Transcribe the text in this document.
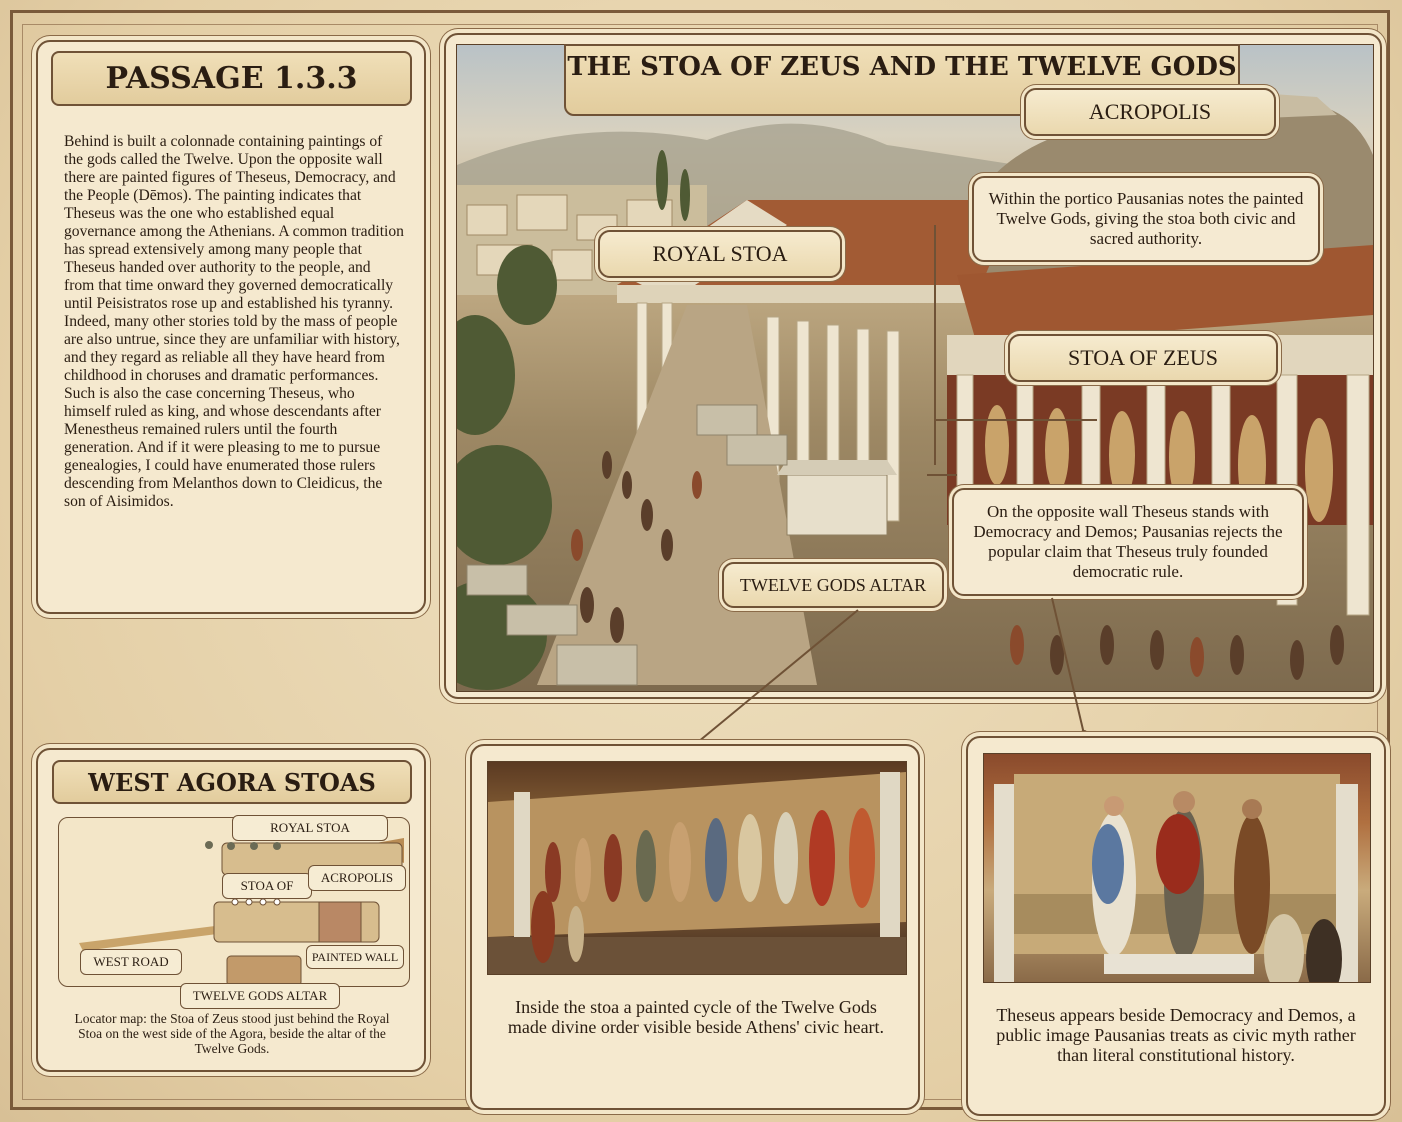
PASSAGE 1.3.3
Behind is built a colonnade containing paintings of the gods called the Twelve. Upon the opposite wall there are painted figures of Theseus, Democracy, and the People (Dēmos). The painting indicates that Theseus was the one who established equal governance among the Athenians. A common tradition has spread extensively among many people that Theseus handed over authority to the people, and from that time onward they governed democratically until Peisistratos rose up and established his tyranny. Indeed, many other stories told by the mass of people are also untrue, since they are unfamiliar with history, and they regard as reliable all they have heard from childhood in choruses and dramatic performances. Such is also the case concerning Theseus, who himself ruled as king, and whose descendants after Menestheus remained rulers until the fourth generation. And if it were pleasing to me to pursue genealogies, I could have enumerated those rulers descending from Melanthos down to Cleidicus, the son of Aisimidos.
THE STOA OF ZEUS AND THE TWELVE GODS
ACROPOLIS
ROYAL STOA
STOA OF ZEUS
TWELVE GODS ALTAR
Within the portico Pausanias notes the painted Twelve Gods, giving the stoa both civic and sacred authority.
On the opposite wall Theseus stands with Democracy and Demos; Pausanias rejects the popular claim that Theseus truly founded democratic rule.
WEST AGORA STOAS
ROYAL STOA
STOA OF
ACROPOLIS
WEST ROAD	PAINTED WALL
TWELVE GODS ALTAR
Locator map: the Stoa of Zeus stood just behind the Royal Stoa on the west side of the Agora, beside the altar of the Twelve Gods.
Inside the stoa a painted cycle of the Twelve Gods made divine order visible beside Athens' civic heart.
Theseus appears beside Democracy and Demos, a public image Pausanias treats as civic myth rather than literal constitutional history.
